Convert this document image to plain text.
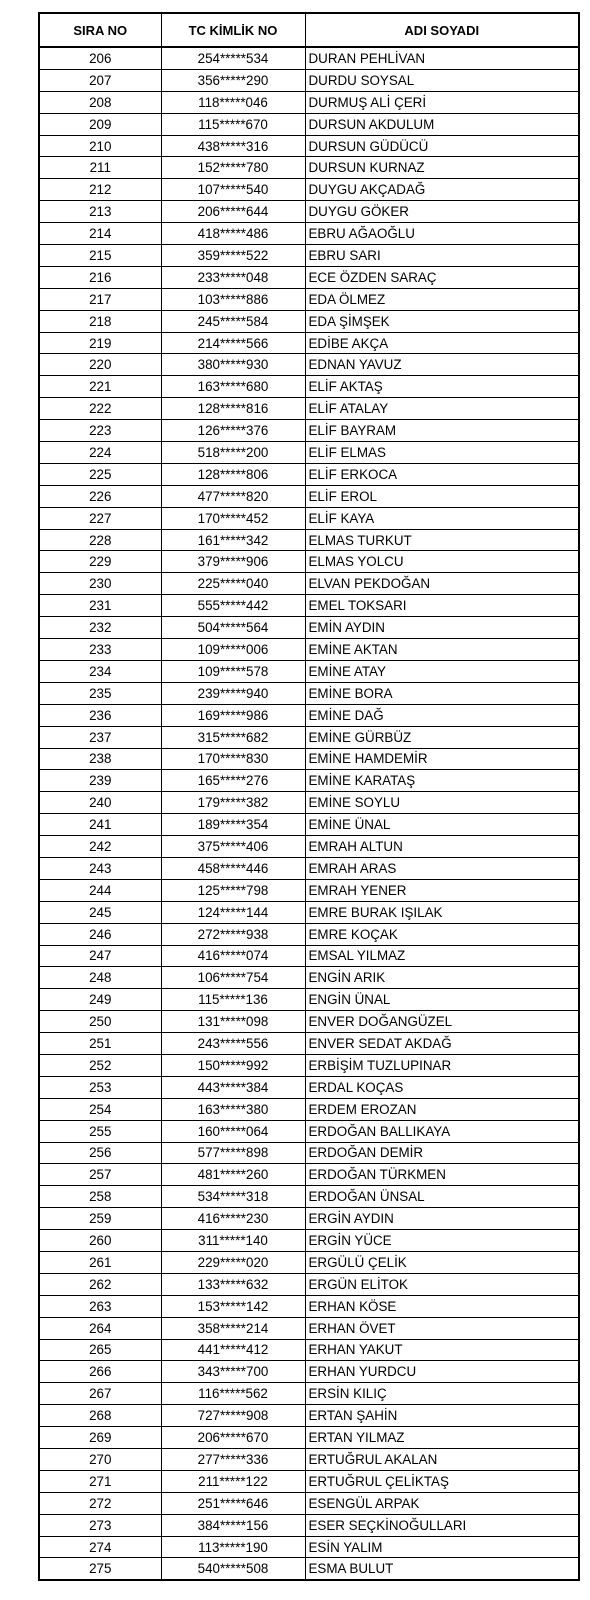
SIRA NO	TC KİMLİK NO	ADI SOYADI
206	254*****534	DURAN PEHLİVAN
207	356*****290	DURDU SOYSAL
208	118*****046	DURMUŞ ALİ ÇERİ
209	115*****670	DURSUN AKDULUM
210	438*****316	DURSUN GÜDÜCÜ
211	152*****780	DURSUN KURNAZ
212	107*****540	DUYGU AKÇADAĞ
213	206*****644	DUYGU GÖKER
214	418*****486	EBRU AĞAOĞLU
215	359*****522	EBRU SARI
216	233*****048	ECE ÖZDEN SARAÇ
217	103*****886	EDA ÖLMEZ
218	245*****584	EDA ŞİMŞEK
219	214*****566	EDİBE AKÇA
220	380*****930	EDNAN YAVUZ
221	163*****680	ELİF AKTAŞ
222	128*****816	ELİF ATALAY
223	126*****376	ELİF BAYRAM
224	518*****200	ELİF ELMAS
225	128*****806	ELİF ERKOCA
226	477*****820	ELİF EROL
227	170*****452	ELİF KAYA
228	161*****342	ELMAS TURKUT
229	379*****906	ELMAS YOLCU
230	225*****040	ELVAN PEKDOĞAN
231	555*****442	EMEL TOKSARI
232	504*****564	EMİN AYDIN
233	109*****006	EMİNE AKTAN
234	109*****578	EMİNE ATAY
235	239*****940	EMİNE BORA
236	169*****986	EMİNE DAĞ
237	315*****682	EMİNE GÜRBÜZ
238	170*****830	EMİNE HAMDEMİR
239	165*****276	EMİNE KARATAŞ
240	179*****382	EMİNE SOYLU
241	189*****354	EMİNE ÜNAL
242	375*****406	EMRAH ALTUN
243	458*****446	EMRAH ARAS
244	125*****798	EMRAH YENER
245	124*****144	EMRE BURAK IŞILAK
246	272*****938	EMRE KOÇAK
247	416*****074	EMSAL YILMAZ
248	106*****754	ENGİN ARIK
249	115*****136	ENGİN ÜNAL
250	131*****098	ENVER DOĞANGÜZEL
251	243*****556	ENVER SEDAT AKDAĞ
252	150*****992	ERBİŞİM TUZLUPINAR
253	443*****384	ERDAL KOÇAS
254	163*****380	ERDEM EROZAN
255	160*****064	ERDOĞAN BALLIKAYA
256	577*****898	ERDOĞAN DEMİR
257	481*****260	ERDOĞAN TÜRKMEN
258	534*****318	ERDOĞAN ÜNSAL
259	416*****230	ERGİN AYDIN
260	311*****140	ERGİN YÜCE
261	229*****020	ERGÜLÜ ÇELİK
262	133*****632	ERGÜN ELİTOK
263	153*****142	ERHAN KÖSE
264	358*****214	ERHAN ÖVET
265	441*****412	ERHAN YAKUT
266	343*****700	ERHAN YURDCU
267	116*****562	ERSİN KILIÇ
268	727*****908	ERTAN ŞAHİN
269	206*****670	ERTAN YILMAZ
270	277*****336	ERTUĞRUL AKALAN
271	211*****122	ERTUĞRUL ÇELİKTAŞ
272	251*****646	ESENGÜL ARPAK
273	384*****156	ESER SEÇKİNOĞULLARI
274	113*****190	ESİN YALIM
275	540*****508	ESMA BULUT
